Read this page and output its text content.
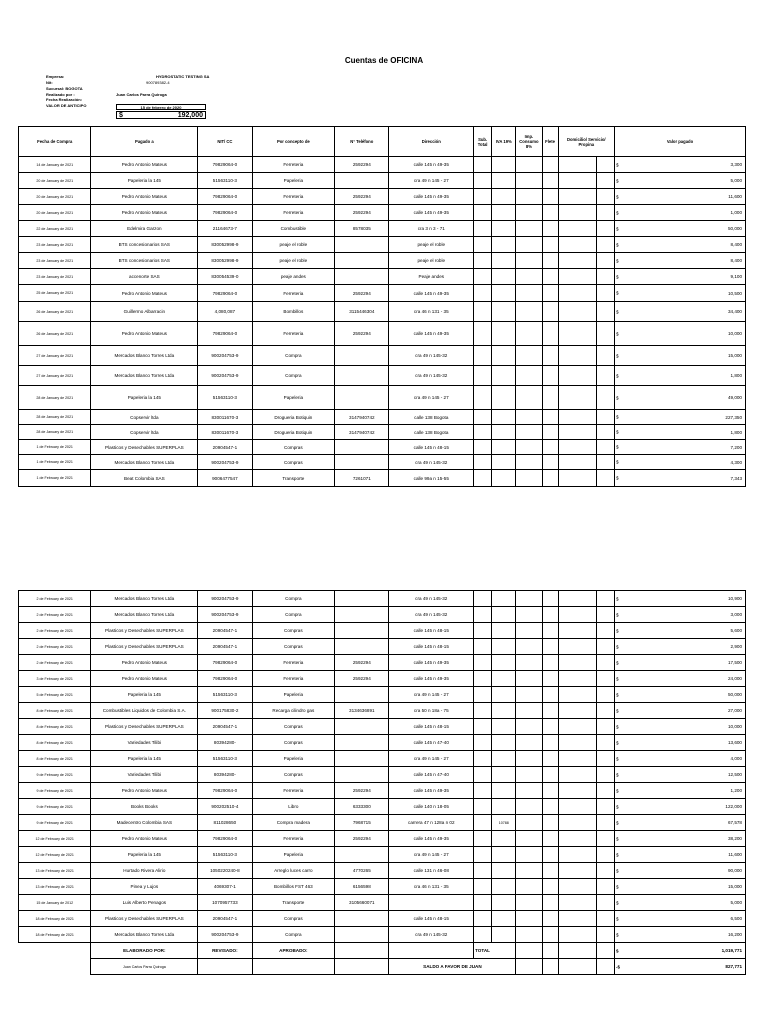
Cuentas de OFICINA
Empresa:	HYDROSTATIC TESTING SA
Nit:	900789382-4
Sucursal: BOGOTA
Realizado por :	Juan Carlos Parra Quiroga
Fecha Realización:
VALOR DE ANTICIPO	15 de febrero de 2020
$	192,000
Fecha de Compra	Pagado a	NIT/ CC	Por concepto de	N° Teléfono	Dirección	Sub. Total	IVA 19%	Imp. Consumo 8%	Flete	Domicilio/ Servicio/ Propina		Valor pagado
14 de January de 2021	Pedro Antonio Mateus	79829064-0	Ferreteria	2592294	calle 145 n 49-35							$ 3,300
20 de January de 2021	Papeleria la 145	51563110-3	Papeleria		cra 49 n 145 - 27							$ 5,000
20 de January de 2021	Pedro Antonio Mateus	79829064-0	Ferreteria	2592294	calle 145 n 49-35							$ 11,600
20 de January de 2021	Pedro Antonio Mateus	79829064-0	Ferreteria	2592294	calle 145 n 49-35							$ 1,000
22 de January de 2021	Edelmira Garzon	21164673-7	Combustible	8578035	cra 3 n 3 - 71							$ 50,000
23 de January de 2021	BTS concesionarios SAS	830052998-9	peaje el roble		peaje el roble							$ 8,400
23 de January de 2021	BTS concesionarios SAS	830052998-9	peaje el roble		peaje el roble							$ 8,400
23 de January de 2021	accenorte SAS	830054539-0	peaje andes		Peaje andes							$ 9,100
25 de January de 2021	Pedro Antonio Mateus	79829064-0	Ferreteria	2592294	calle 145 n 49-35							$ 10,500
26 de January de 2021	Guillermo Albarracin	4,080,087	Bombillos	3115446304	cra 46 n 131 - 35							$ 34,400
26 de January de 2021	Pedro Antonio Mateus	79829064-0	Ferreteria	2592294	calle 145 n 49-35							$ 10,000
27 de January de 2021	Mercados Blanco Torres Ltda	900204753-9	Compra		cra 49 n 145-32							$ 15,000
27 de January de 2021	Mercados Blanco Torres Ltda	900204753-9	Compra		cra 49 n 145-32							$ 1,800
28 de January de 2021	Papeleria la 145	51563110-3	Papeleria		cra 49 n 145 - 27							$ 49,000
28 de January de 2021	Copservir ltda	830011670-3	Drogueria Botiquin	3147940742	calle 138 Bogota							$ 227,350
28 de January de 2021	Copservir ltda	830011670-3	Drogueria Botiquin	3147940742	calle 138 Bogota							$ 1,800
1 de February de 2021	Plasticos y Desechables SUPERPLAS	20904547-1	Compras		calle 145 n 48-15							$ 7,200
1 de February de 2021	Mercados Blanco Torres Ltda	900204753-9	Compras		cra 49 n 145-32							$ 4,300
1 de February de 2021	Beat Colombia SAS	9006477547	Transporte	7261071	calle 99a n 15-55							$ 7,343
2 de February de 2021	Mercados Blanco Torres Ltda	900204753-9	Compra		cra 49 n 145-32							$ 10,900
2 de February de 2021	Mercados Blanco Torres Ltda	900204753-9	Compra		cra 49 n 145-32							$ 3,000
2 de February de 2021	Plasticos y Desechables SUPERPLAS	20904547-1	Compras		calle 145 n 48-15							$ 5,600
2 de February de 2021	Plasticos y Desechables SUPERPLAS	20904547-1	Compras		calle 145 n 48-15							$ 2,900
2 de February de 2021	Pedro Antonio Mateus	79829064-0	Ferreteria	2592294	calle 145 n 49-35							$ 17,500
3 de February de 2021	Pedro Antonio Mateus	79829064-0	Ferreteria	2592294	calle 145 n 49-35							$ 24,000
5 de February de 2021	Papeleria la 145	51563110-3	Papeleria		cra 49 n 145 - 27							$ 50,000
8 de February de 2021	Combustibles Liquidos de Colombia S.A.	900175830-2	Recarga cilindro gas	3134636891	cra 50 n 18a - 75							$ 27,000
8 de February de 2021	Plasticos y Desechables SUPERPLAS	20904547-1	Compras		calle 145 n 48-15							$ 10,000
8 de February de 2021	Variedades Tilibi	80394280-	Compras		calle 145 n 47-40							$ 13,600
8 de February de 2021	Papeleria la 145	51563110-3	Papeleria		cra 49 n 145 - 27							$ 4,000
9 de February de 2021	Variedades Tilibi	80394280-	Compras		calle 145 n 47-40							$ 12,500
9 de February de 2021	Pedro Antonio Mateus	79829064-0	Ferreteria	2592294	calle 145 n 49-35							$ 1,200
9 de February de 2021	Books Books	900202510-4	Libro	6333300	calle 140 n 18-05							$ 122,000
9 de February de 2021	Madecentro Colombia SAS	811028650	Compra madera	7968715	carrera 47 n 128a n 02		10788					$ 67,578
12 de February de 2021	Pedro Antonio Mateus	79829064-0	Ferreteria	2592294	calle 145 n 49-35							$ 38,200
12 de February de 2021	Papeleria la 145	51563110-3	Papeleria		cra 49 n 145 - 27							$ 11,600
13 de February de 2021	Hurtado Rivera Alirio	1050220240-8	Arreglo luces carro	4770265	calle 131 n 46-08							$ 90,000
13 de February de 2021	Pinea y Lujos	4069307-1	Bombillos FST 463	6156598	cra 46 n 131 - 35							$ 15,000
15 de January de 2012	Luis Alberto Penagos	1070957733	Transporte	3105660071								$ 5,000
18 de February de 2021	Plasticos y Desechables SUPERPLAS	20904547-1	Compras		calle 145 n 48-15							$ 6,500
18 de February de 2021	Mercados Blanco Torres Ltda	900204753-9	Compra		cra 49 n 145-32							$ 16,200
	ELABORADO POR:	REVISADO:	APROBADO:			TOTAL						$ 1,019,771
	Juan Carlos Parra Quiroga				SALDO A FAVOR DE JUAN							-$ 827,771
